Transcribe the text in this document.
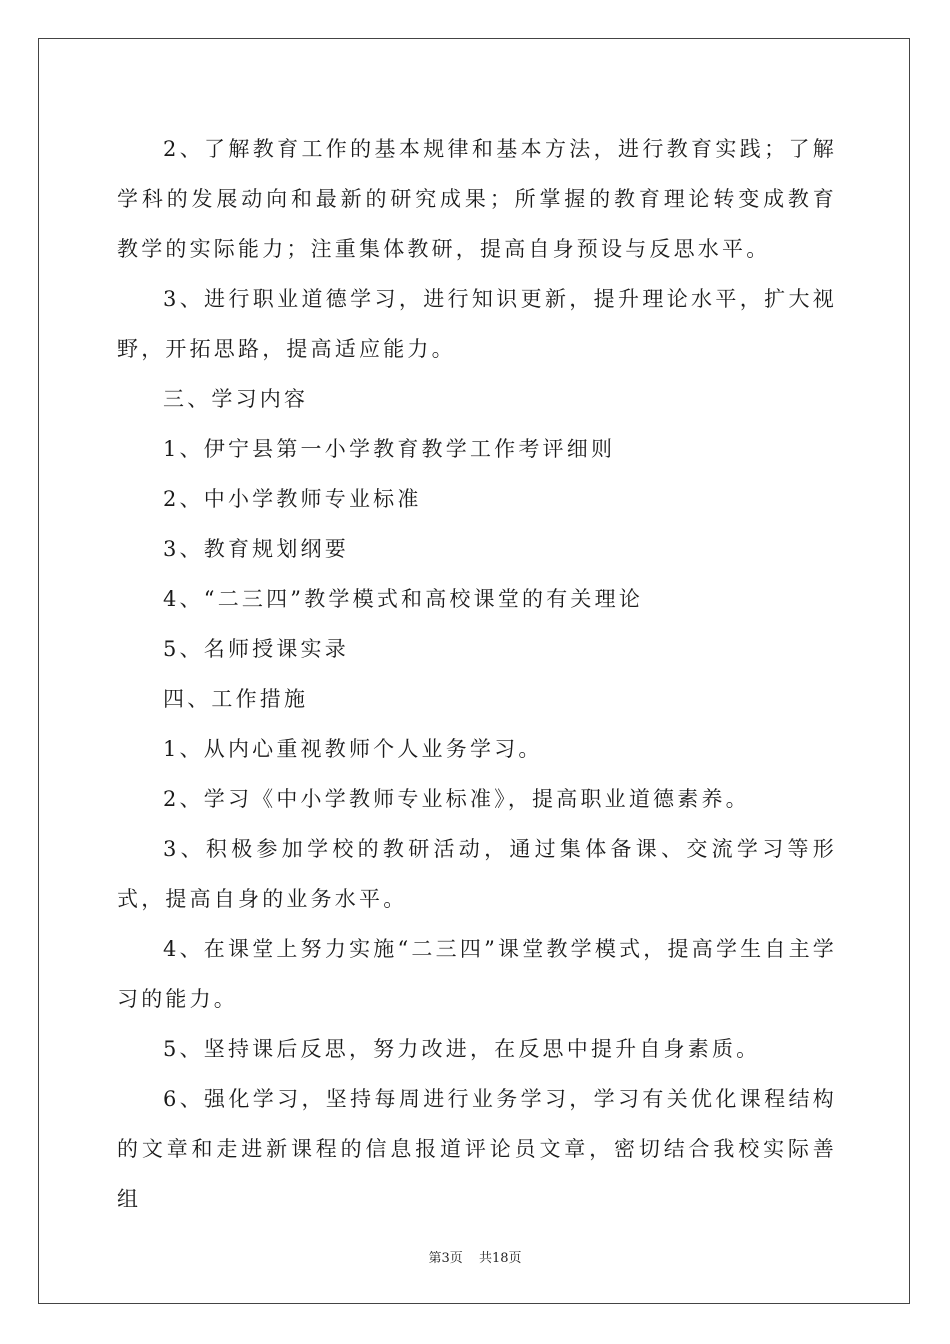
2、了解教育工作的基本规律和基本方法，进行教育实践；了解学科的发展动向和最新的研究成果；所掌握的教育理论转变成教育教学的实际能力；注重集体教研，提高自身预设与反思水平。

3、进行职业道德学习，进行知识更新，提升理论水平，扩大视野，开拓思路，提高适应能力。

三、学习内容

1、伊宁县第一小学教育教学工作考评细则

2、中小学教师专业标准

3、教育规划纲要

4、“二三四”教学模式和高校课堂的有关理论

5、名师授课实录

四、工作措施

1、从内心重视教师个人业务学习。

2、学习《中小学教师专业标准》，提高职业道德素养。

3、积极参加学校的教研活动，通过集体备课、交流学习等形式，提高自身的业务水平。

4、在课堂上努力实施“二三四”课堂教学模式，提高学生自主学习的能力。

5、坚持课后反思，努力改进，在反思中提升自身素质。

6、强化学习，坚持每周进行业务学习，学习有关优化课程结构的文章和走进新课程的信息报道评论员文章，密切结合我校实际善组

第3页 共18页
